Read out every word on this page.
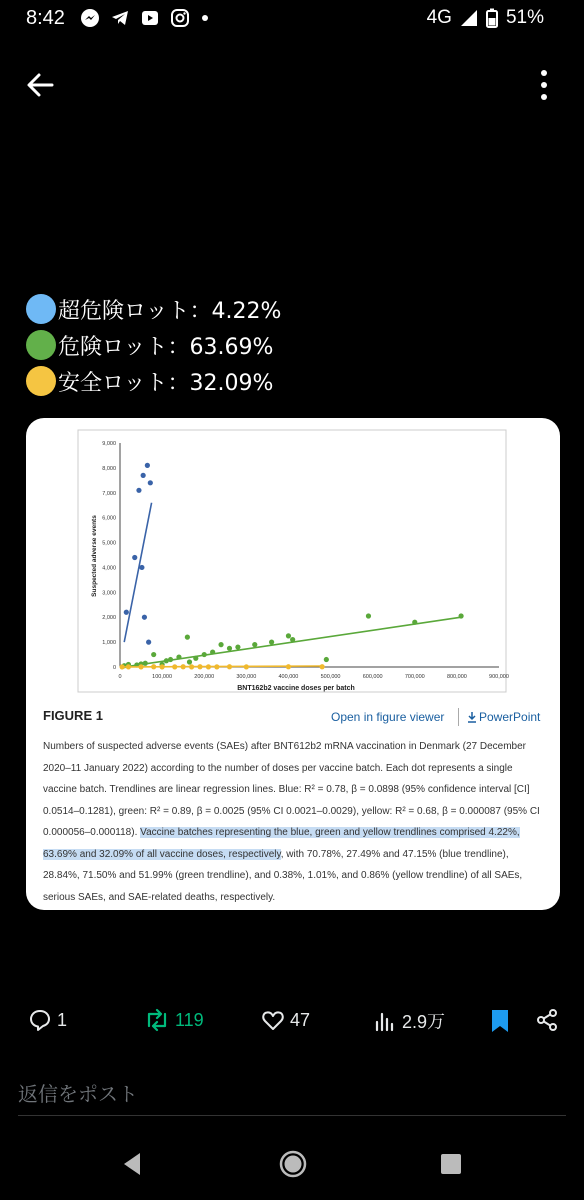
8:42	4G	51%
超危険ロット：4.22%
危険ロット：63.69%
安全ロット：32.09%
0	100,000	200,000	300,000	400,000	500,000	600,000	700,000	800,000	900,000
0
1,000
2,000
3,000
4,000
5,000
6,000
7,000
8,000
9,000
BNT162b2 vaccine doses per batch
Suspected adverse events
FIGURE 1	Open in figure viewer	PowerPoint
Numbers of suspected adverse events (SAEs) after BNT612b2 mRNA vaccination in Denmark (27 December
2020–11 January 2022) according to the number of doses per vaccine batch. Each dot represents a single
vaccine batch. Trendlines are linear regression lines. Blue: R² = 0.78, β = 0.0898 (95% confidence interval [CI]
0.0514–0.1281), green: R² = 0.89, β = 0.0025 (95% CI 0.0021–0.0029), yellow: R² = 0.68, β = 0.000087 (95% CI
0.000056–0.000118). Vaccine batches representing the blue, green and yellow trendlines comprised 4.22%,
63.69% and 32.09% of all vaccine doses, respectively, with 70.78%, 27.49% and 47.15% (blue trendline),
28.84%, 71.50% and 51.99% (green trendline), and 0.38%, 1.01%, and 0.86% (yellow trendline) of all SAEs,
serious SAEs, and SAE-related deaths, respectively.
1	119	47	2.9万
返信をポスト
